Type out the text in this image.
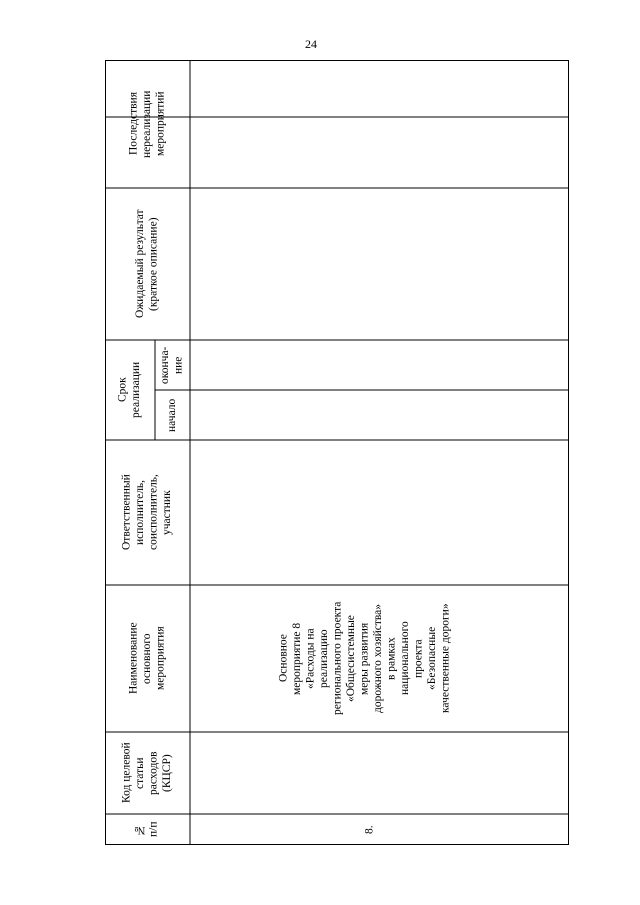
24
Последствия
нереализации
мероприятий
Ожидаемый результат
(краткое описание)
Срок
реализации	оконча-
ние
начало
Ответственный
исполнитель,
соисполнитель,
участник
Наименование
основного
мероприятия
Код целевой
статьи
расходов
(КЦСР)
№
п/п
Основное
мероприятие 8
«Расходы на
реализацию
регионального проекта
«Общесистемные
меры развития
дорожного хозяйства»
в рамках
национального
проекта
«Безопасные
качественные дороги»
8.
